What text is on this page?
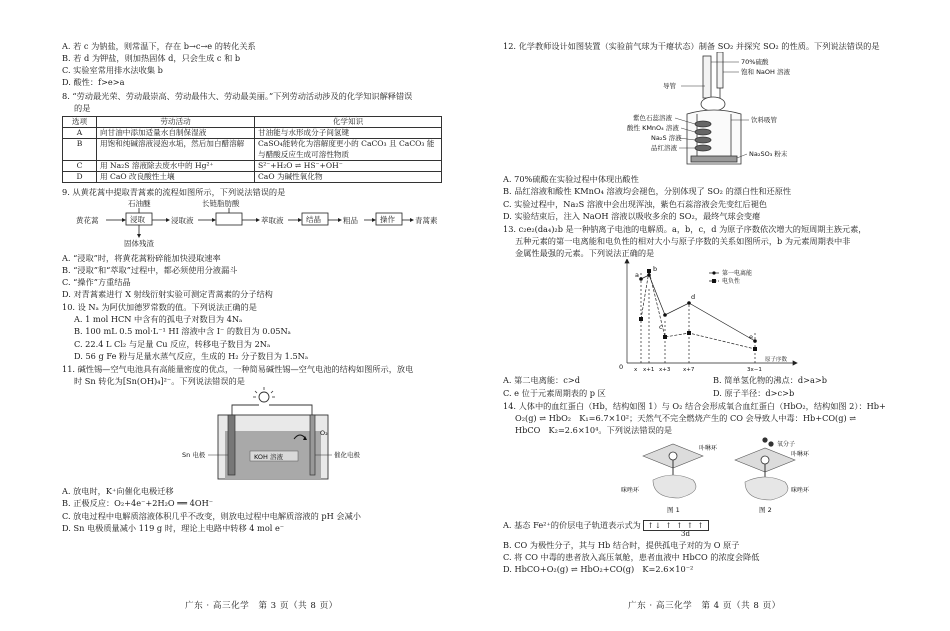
A. 若 c 为钠盐，则常温下，存在 b→c→e 的转化关系
B. 若 d 为钾盐，则加热固体 d，只会生成 c 和 b
C. 实验室常用排水法收集 b
D. 酸性：f>e>a
8. “劳动最光荣、劳动最崇高、劳动最伟大、劳动最美丽。”下列劳动活动涉及的化学知识解释错误
的是
选项	劳动活动	化学知识
A	向甘油中添加适量水自制保湿液	甘油能与水形成分子间氢键
B	用饱和纯碱溶液浸泡水垢，然后加白醋溶解	CaSO₄能转化为溶解度更小的 CaCO₃ 且 CaCO₃ 能与醋酸反应生成可溶性物质
C	用 Na₂S 溶液除去废水中的 Hg²⁺	S²⁻+H₂O ⇌ HS⁻+OH⁻
D	用 CaO 改良酸性土壤	CaO 为碱性氧化物
9. 从黄花蒿中提取青蒿素的流程如图所示，下列说法错误的是
石油醚	长链脂肪酸
黄花蒿	浸取	浸取液	萃取液	结晶	粗品	操作	青蒿素
固体残渣
A. “浸取”时，将黄花蒿粉碎能加快浸取速率
B. “浸取”和“萃取”过程中，都必须使用分液漏斗
C. “操作”方重结晶
D. 对青蒿素进行 X 射线衍射实验可测定青蒿素的分子结构
10. 设 Nₐ 为阿伏加德罗常数的值。下列说法正确的是
A. 1 mol HCN 中含有的孤电子对数目为 4Nₐ
B. 100 mL 0.5 mol·L⁻¹ HI 溶液中含 I⁻ 的数目为 0.05Nₐ
C. 22.4 L Cl₂ 与足量 Cu 反应，转移电子数目为 2Nₐ
D. 56 g Fe 粉与足量水蒸气反应，生成的 H₂ 分子数目为 1.5Nₐ
11. 碱性锡—空气电池具有高能量密度的优点，一种简易碱性锡—空气电池的结构如图所示，放电
时 Sn 转化为[Sn(OH)₄]²⁻。下列说法错误的是
KOH 溶液
O₂
Sn 电极	催化电极
A. 放电时，K⁺向催化电极迁移
B. 正极反应：O₂+4e⁻+2H₂O ══ 4OH⁻
C. 放电过程中电解质溶液体积几乎不改变，则放电过程中电解质溶液的 pH 会减小
D. Sn 电极质量减小 119 g 时，理论上电路中转移 4 mol e⁻
12. 化学教师设计如图装置（实验前气球为干瘪状态）制备 SO₂ 并探究 SO₂ 的性质。下列说法错误的是
70%硫酸
饱和 NaOH 溶液
导管
紫色石蕊溶液
酸性 KMnO₄ 溶液
Na₂S 溶液
品红溶液
饮料吸管
Na₂SO₃ 粉末
A. 70%硫酸在实验过程中体现出酸性
B. 品红溶液和酸性 KMnO₄ 溶液均会褪色，分别体现了 SO₂ 的漂白性和还原性
C. 实验过程中，Na₂S 溶液中会出现浑浊，紫色石蕊溶液会先变红后褪色
D. 实验结束后，注入 NaOH 溶液以吸收多余的 SO₂，最终气球会变瘪
13. c₂e₂(da₄)₂b 是一种钠离子电池的电解质。a，b，c，d 为原子序数依次增大的短周期主族元素，
五种元素的第一电离能和电负性的相对大小与原子序数的关系如图所示，b 为元素周期表中非
金属性最强的元素。下列说法正确的是
a
b
c
d
e
0 x x+1 x+3 x+7	3x−1
原子序数
第一电离能
电负性
A. 第二电离能：c>d	B. 简单氢化物的沸点：d>a>b
C. e 位于元素周期表的 p 区	D. 原子半径：d>c>b
14. 人体中的血红蛋白（Hb，结构如图 1）与 O₂ 结合会形成氧合血红蛋白（HbO₂，结构如图 2）：Hb+
O₂(g) ⇌ HbO₂　K₁=6.7×10²；天然气不完全燃烧产生的 CO 会导致人中毒：Hb+CO(g) ⇌
HbCO　K₂=2.6×10⁴。下列说法错误的是
卟啉环
咪唑环
图 1
氧分子
卟啉环
咪唑环
图 2
A. 基态 Fe²⁺的价层电子轨道表示式为 ↑↓ ↑ ↑ ↑ ↑
3d
B. CO 为极性分子，其与 Hb 结合时，提供孤电子对的为 O 原子
C. 将 CO 中毒的患者放入高压氧舱，患者血液中 HbCO 的浓度会降低
D. HbCO+O₂(g) ⇌ HbO₂+CO(g)　K=2.6×10⁻²
广东 · 高三化学　第 3 页（共 8 页）	广东 · 高三化学　第 4 页（共 8 页）
